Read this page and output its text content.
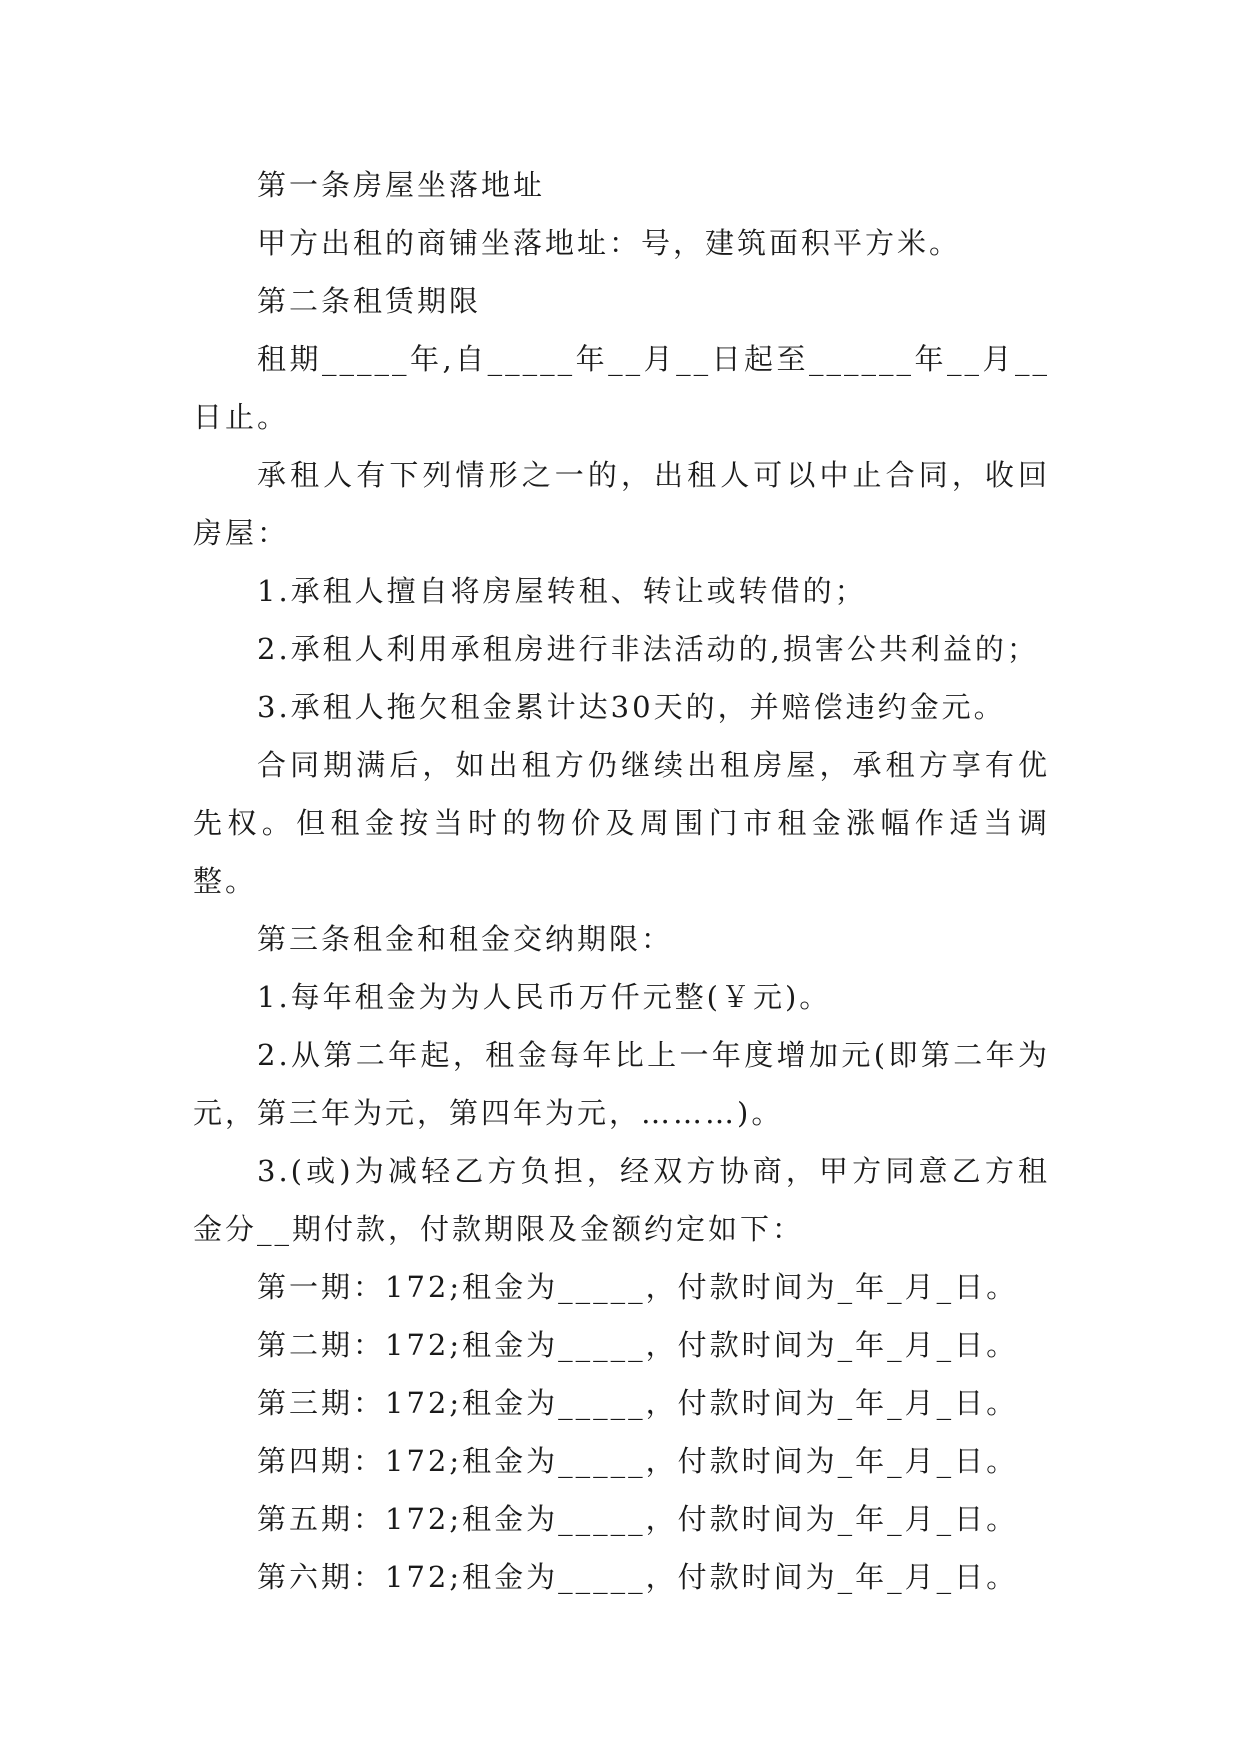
第一条房屋坐落地址

甲方出租的商铺坐落地址：号，建筑面积平方米。

第二条租赁期限

租期_____年,自_____年__月__日起至______年__月__日止。

承租人有下列情形之一的，出租人可以中止合同，收回房屋：

1.承租人擅自将房屋转租、转让或转借的；

2.承租人利用承租房进行非法活动的,损害公共利益的；

3.承租人拖欠租金累计达30天的，并赔偿违约金元。

合同期满后，如出租方仍继续出租房屋，承租方享有优先权。但租金按当时的物价及周围门市租金涨幅作适当调整。

第三条租金和租金交纳期限：

1.每年租金为为人民币万仟元整(￥元)。

2.从第二年起，租金每年比上一年度增加元(即第二年为元，第三年为元，第四年为元，………)。

3.(或)为减轻乙方负担，经双方协商，甲方同意乙方租金分__期付款，付款期限及金额约定如下：

第一期：172;租金为_____，付款时间为_年_月_日。

第二期：172;租金为_____，付款时间为_年_月_日。

第三期：172;租金为_____，付款时间为_年_月_日。

第四期：172;租金为_____，付款时间为_年_月_日。

第五期：172;租金为_____，付款时间为_年_月_日。

第六期：172;租金为_____，付款时间为_年_月_日。
